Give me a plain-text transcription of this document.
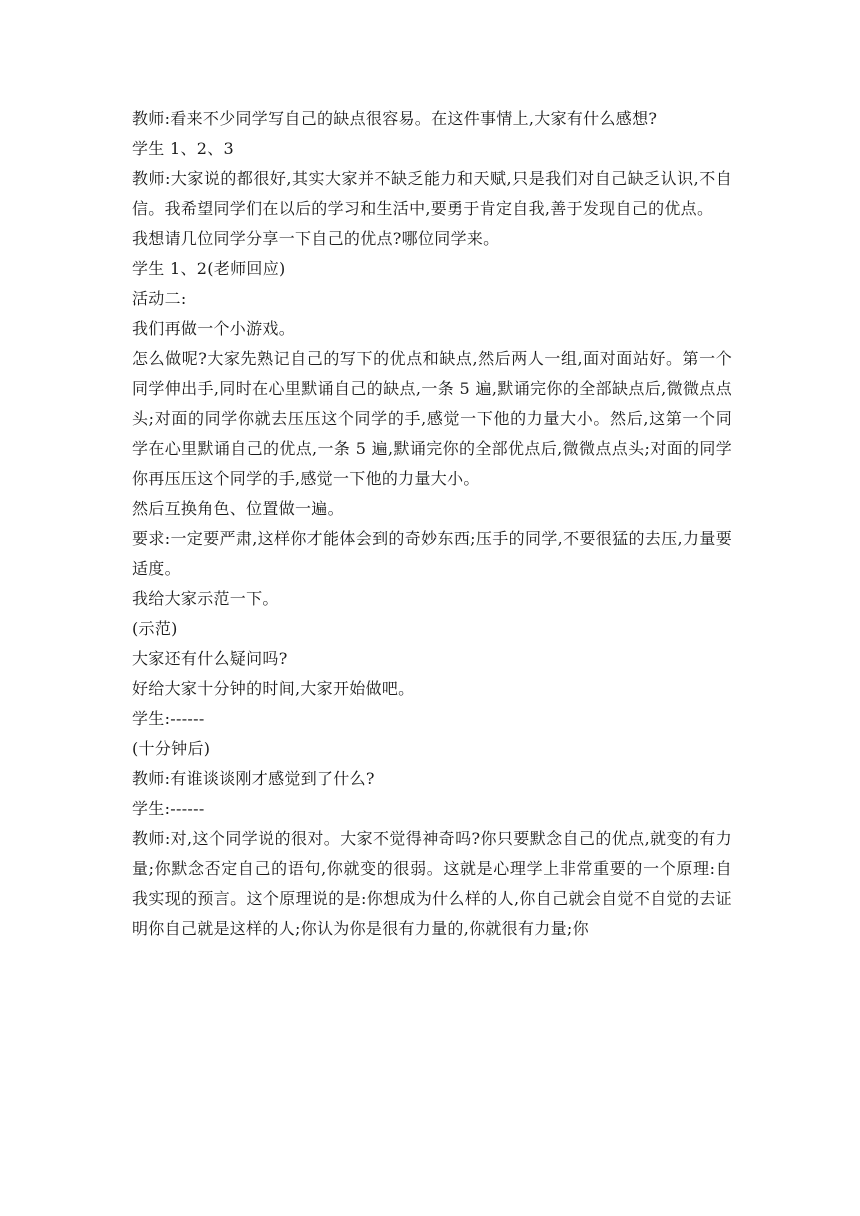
教师:看来不少同学写自己的缺点很容易。在这件事情上,大家有什么感想?

学生 1、2、3

教师:大家说的都很好,其实大家并不缺乏能力和天赋,只是我们对自己缺乏认识,不自信。我希望同学们在以后的学习和生活中,要勇于肯定自我,善于发现自己的优点。

我想请几位同学分享一下自己的优点?哪位同学来。

学生 1、2(老师回应)

活动二:

我们再做一个小游戏。

怎么做呢?大家先熟记自己的写下的优点和缺点,然后两人一组,面对面站好。第一个同学伸出手,同时在心里默诵自己的缺点,一条 5 遍,默诵完你的全部缺点后,微微点点头;对面的同学你就去压压这个同学的手,感觉一下他的力量大小。然后,这第一个同学在心里默诵自己的优点,一条 5 遍,默诵完你的全部优点后,微微点点头;对面的同学你再压压这个同学的手,感觉一下他的力量大小。

然后互换角色、位置做一遍。

要求:一定要严肃,这样你才能体会到的奇妙东西;压手的同学,不要很猛的去压,力量要适度。

我给大家示范一下。

(示范)

大家还有什么疑问吗?

好给大家十分钟的时间,大家开始做吧。

学生:------

(十分钟后)

教师:有谁谈谈刚才感觉到了什么?

学生:------

教师:对,这个同学说的很对。大家不觉得神奇吗?你只要默念自己的优点,就变的有力量;你默念否定自己的语句,你就变的很弱。这就是心理学上非常重要的一个原理:自我实现的预言。这个原理说的是:你想成为什么样的人,你自己就会自觉不自觉的去证明你自己就是这样的人;你认为你是很有力量的,你就很有力量;你
